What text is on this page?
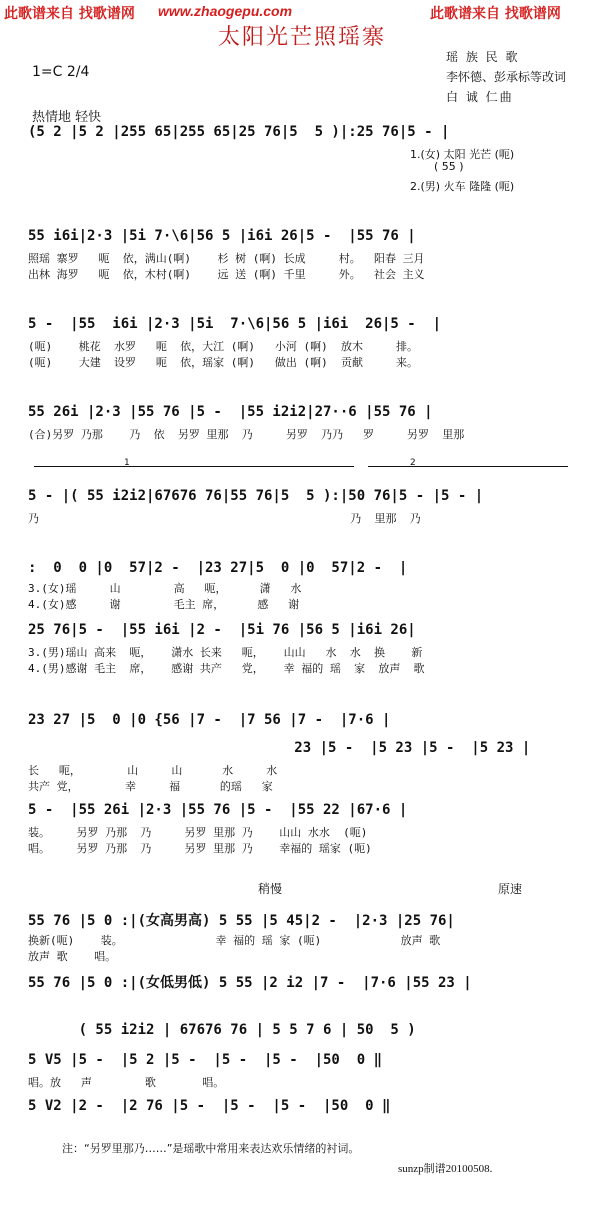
此歌谱来自 找歌谱网 www.zhaogepu.com	此歌谱来自 找歌谱网
太阳光芒照瑶寨
瑶 族 民 歌
李怀德、彭承标等改词
白 诚 仁曲
1=C 2/4
热情地 轻快
(5 2 |5 2 |255 65|255 65|25 76|5  5 )|:25 76|5 - |
1.(女) 太阳 光芒 (呃)
( 55 )
2.(男) 火车 隆隆 (呃)
55 i6i|2·3 |5i 7·\6|56 5 |i6i 26|5 -  |55 76 |
照瑶 寨罗   呃  依，满山(啊)    杉 树 (啊) 长成     村。  阳春 三月
出林 海罗   呃  依，木村(啊)    远 送 (啊) 千里     外。  社会 主义
5 -  |55  i6i |2·3 |5i  7·\6|56 5 |i6i  26|5 -  |
(呃)    桃花  水罗   呃  依，大江 (啊)   小河 (啊)  放木     排。
(呃)    大建  设罗   呃  依，瑶家 (啊)   做出 (啊)  贡献     来。
55 26i |2·3 |55 76 |5 -  |55 i2i2|27··6 |55 76 |
(合)另罗 乃那    乃  依  另罗 里那  乃     另罗  乃乃   罗     另罗  里那
1	2
5 - |( 55 i2i2|67676 76|55 76|5  5 ):|50 76|5 - |5 - |
乃                                               乃  里那  乃
:  0  0 |0  57|2 -  |23 27|5  0 |0  57|2 -  |
3.(女)瑶     山        高   呃，     潇   水
4.(女)感     谢        毛主 席，     感   谢
25 76|5 -  |55 i6i |2 -  |5i 76 |56 5 |i6i 26|
3.(男)瑶山 高来  呃，   潇水 长来   呃，   山山   水  水  换    新
4.(男)感谢 毛主  席，   感谢 共产   党，   幸 福的 瑶  家  放声  歌
23 27 |5  0 |0 {56 |7 -  |7 56 |7 -  |7·6 |
23 |5 -  |5 23 |5 -  |5 23 |
长   呃，       山     山      水     水
共产 党，       幸     福      的瑶   家
5 -  |55 26i |2·3 |55 76 |5 -  |55 22 |67·6 |
装。    另罗 乃那  乃     另罗 里那 乃    山山 水水  (呃)
唱。    另罗 乃那  乃     另罗 里那 乃    幸福的 瑶家 (呃)
稍慢	原速
55 76 |5 0 :|(女高男高) 5 55 |5 45|2 -  |2·3 |25 76|
换新(呃)    装。              幸 福的 瑶 家 (呃)            放声 歌
放声 歌    唱。
55 76 |5 0 :|(女低男低) 5 55 |2 i2 |7 -  |7·6 |55 23 |
( 55 i2i2 | 67676 76 | 5 5 7 6 | 50  5 )
5 V5 |5 -  |5 2 |5 -  |5 -  |5 -  |50  0 ‖
唱。放   声        歌       唱。
5 V2 |2 -  |2 76 |5 -  |5 -  |5 -  |50  0 ‖
注：“另罗里那乃……”是瑶歌中常用来表达欢乐情绪的衬词。
sunzp制谱20100508.
